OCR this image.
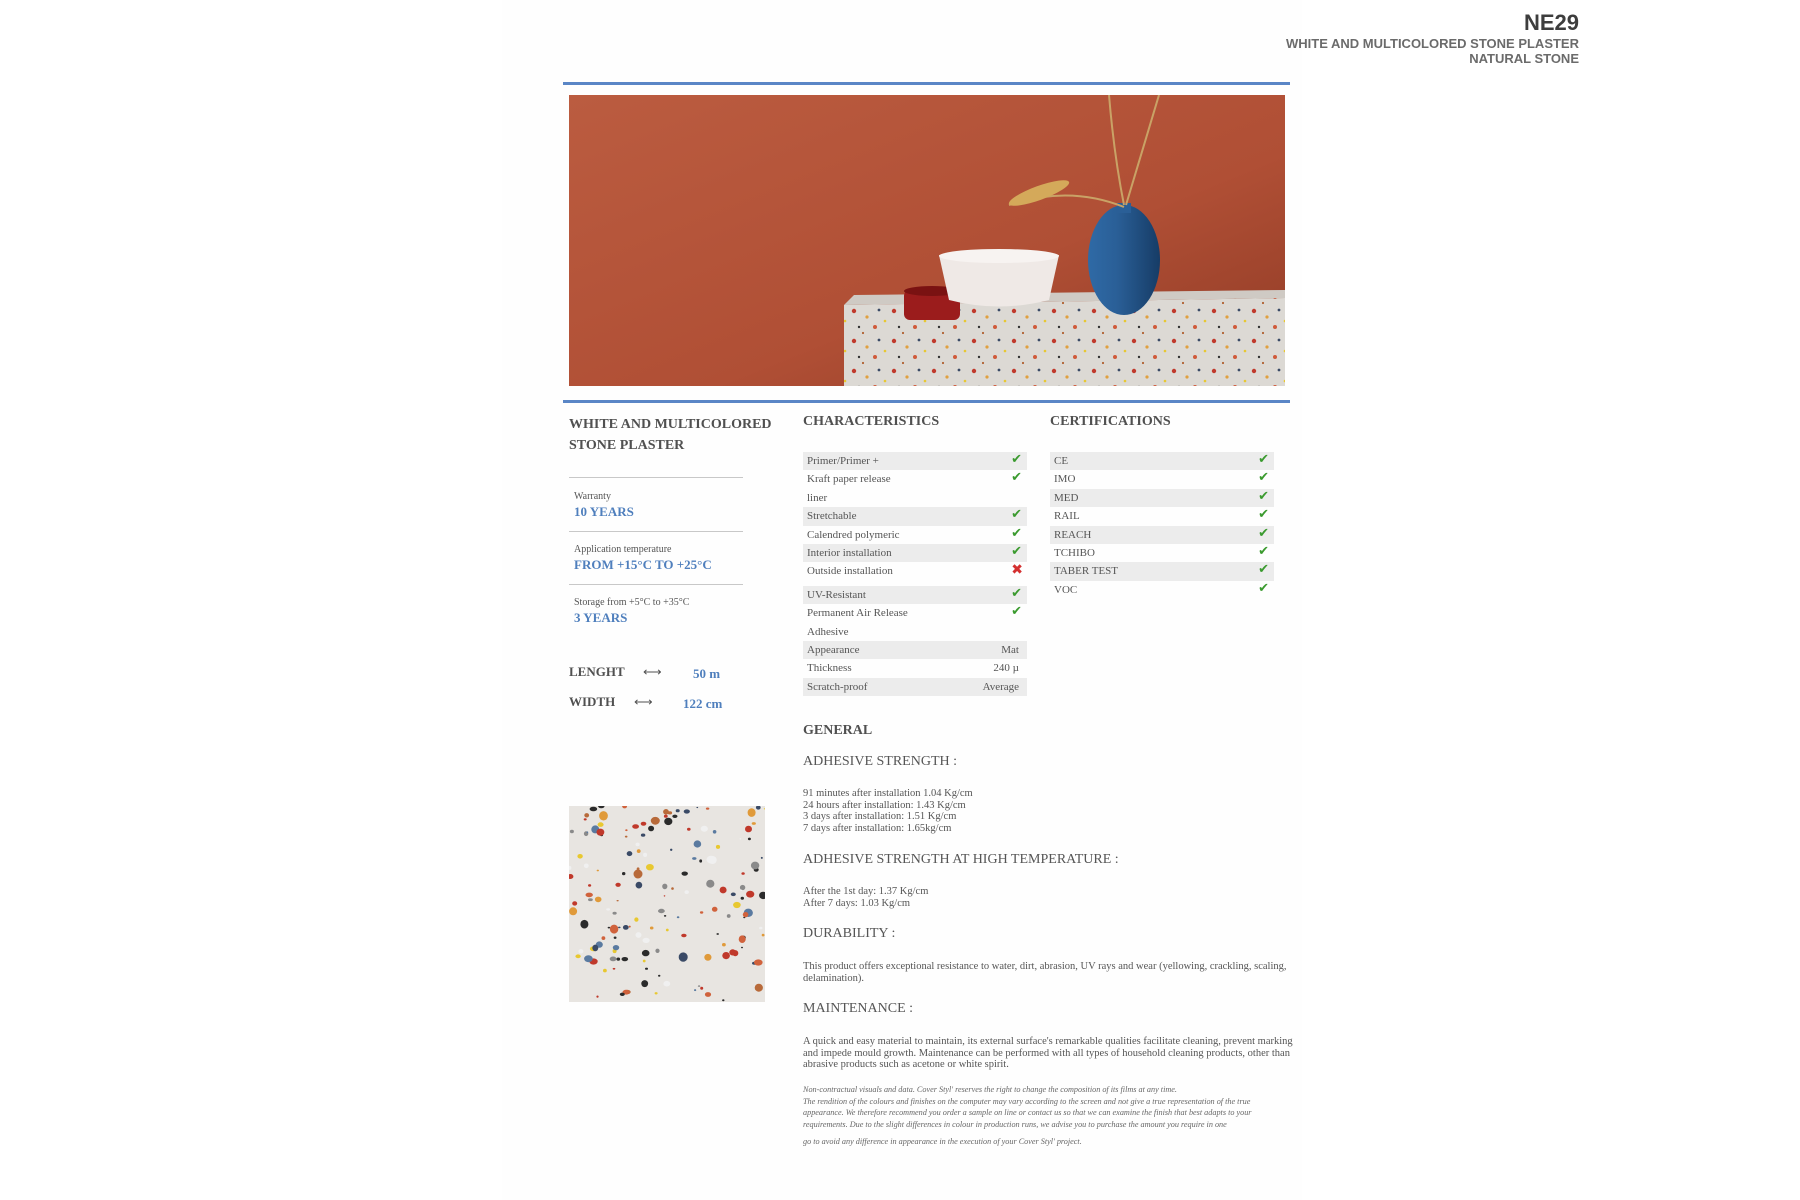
NE29
WHITE AND MULTICOLORED STONE PLASTER
NATURAL STONE
WHITE AND MULTICOLORED STONE PLASTER
Warranty
10 YEARS
Application temperature
FROM +15°C TO +25°C
Storage from +5°C to +35°C
3 YEARS
LENGHT ⟷ 50 m
WIDTH ⟷ 122 cm
CHARACTERISTICS
Primer/Primer +	✔
Kraft paper release	✔
liner
Stretchable	✔
Calendred polymeric	✔
Interior installation	✔
Outside installation	✖
UV-Resistant	✔
Permanent Air Release	✔
Adhesive
Appearance	Mat
Thickness	240 µ
Scratch-proof	Average
CERTIFICATIONS
CE	✔
IMO	✔
MED	✔
RAIL	✔
REACH	✔
TCHIBO	✔
TABER TEST	✔
VOC	✔
GENERAL
ADHESIVE STRENGTH :
91 minutes after installation 1.04 Kg/cm
24 hours after installation: 1.43 Kg/cm
3 days after installation: 1.51 Kg/cm
7 days after installation: 1.65kg/cm
ADHESIVE STRENGTH AT HIGH TEMPERATURE :
After the 1st day: 1.37 Kg/cm
After 7 days: 1.03 Kg/cm
DURABILITY :
This product offers exceptional resistance to water, dirt, abrasion, UV rays and wear (yellowing, crackling, scaling, delamination).
MAINTENANCE :
A quick and easy material to maintain, its external surface's remarkable qualities facilitate cleaning, prevent marking and impede mould growth. Maintenance can be performed with all types of household cleaning products, other than abrasive products such as acetone or white spirit.
Non-contractual visuals and data. Cover Styl' reserves the right to change the composition of its films at any time.
The rendition of the colours and finishes on the computer may vary according to the screen and not give a true representation of the true appearance. We therefore recommend you order a sample on line or contact us so that we can examine the finish that best adapts to your requirements. Due to the slight differences in colour in production runs, we advise you to purchase the amount you require in one
go to avoid any difference in appearance in the execution of your Cover Styl' project.
